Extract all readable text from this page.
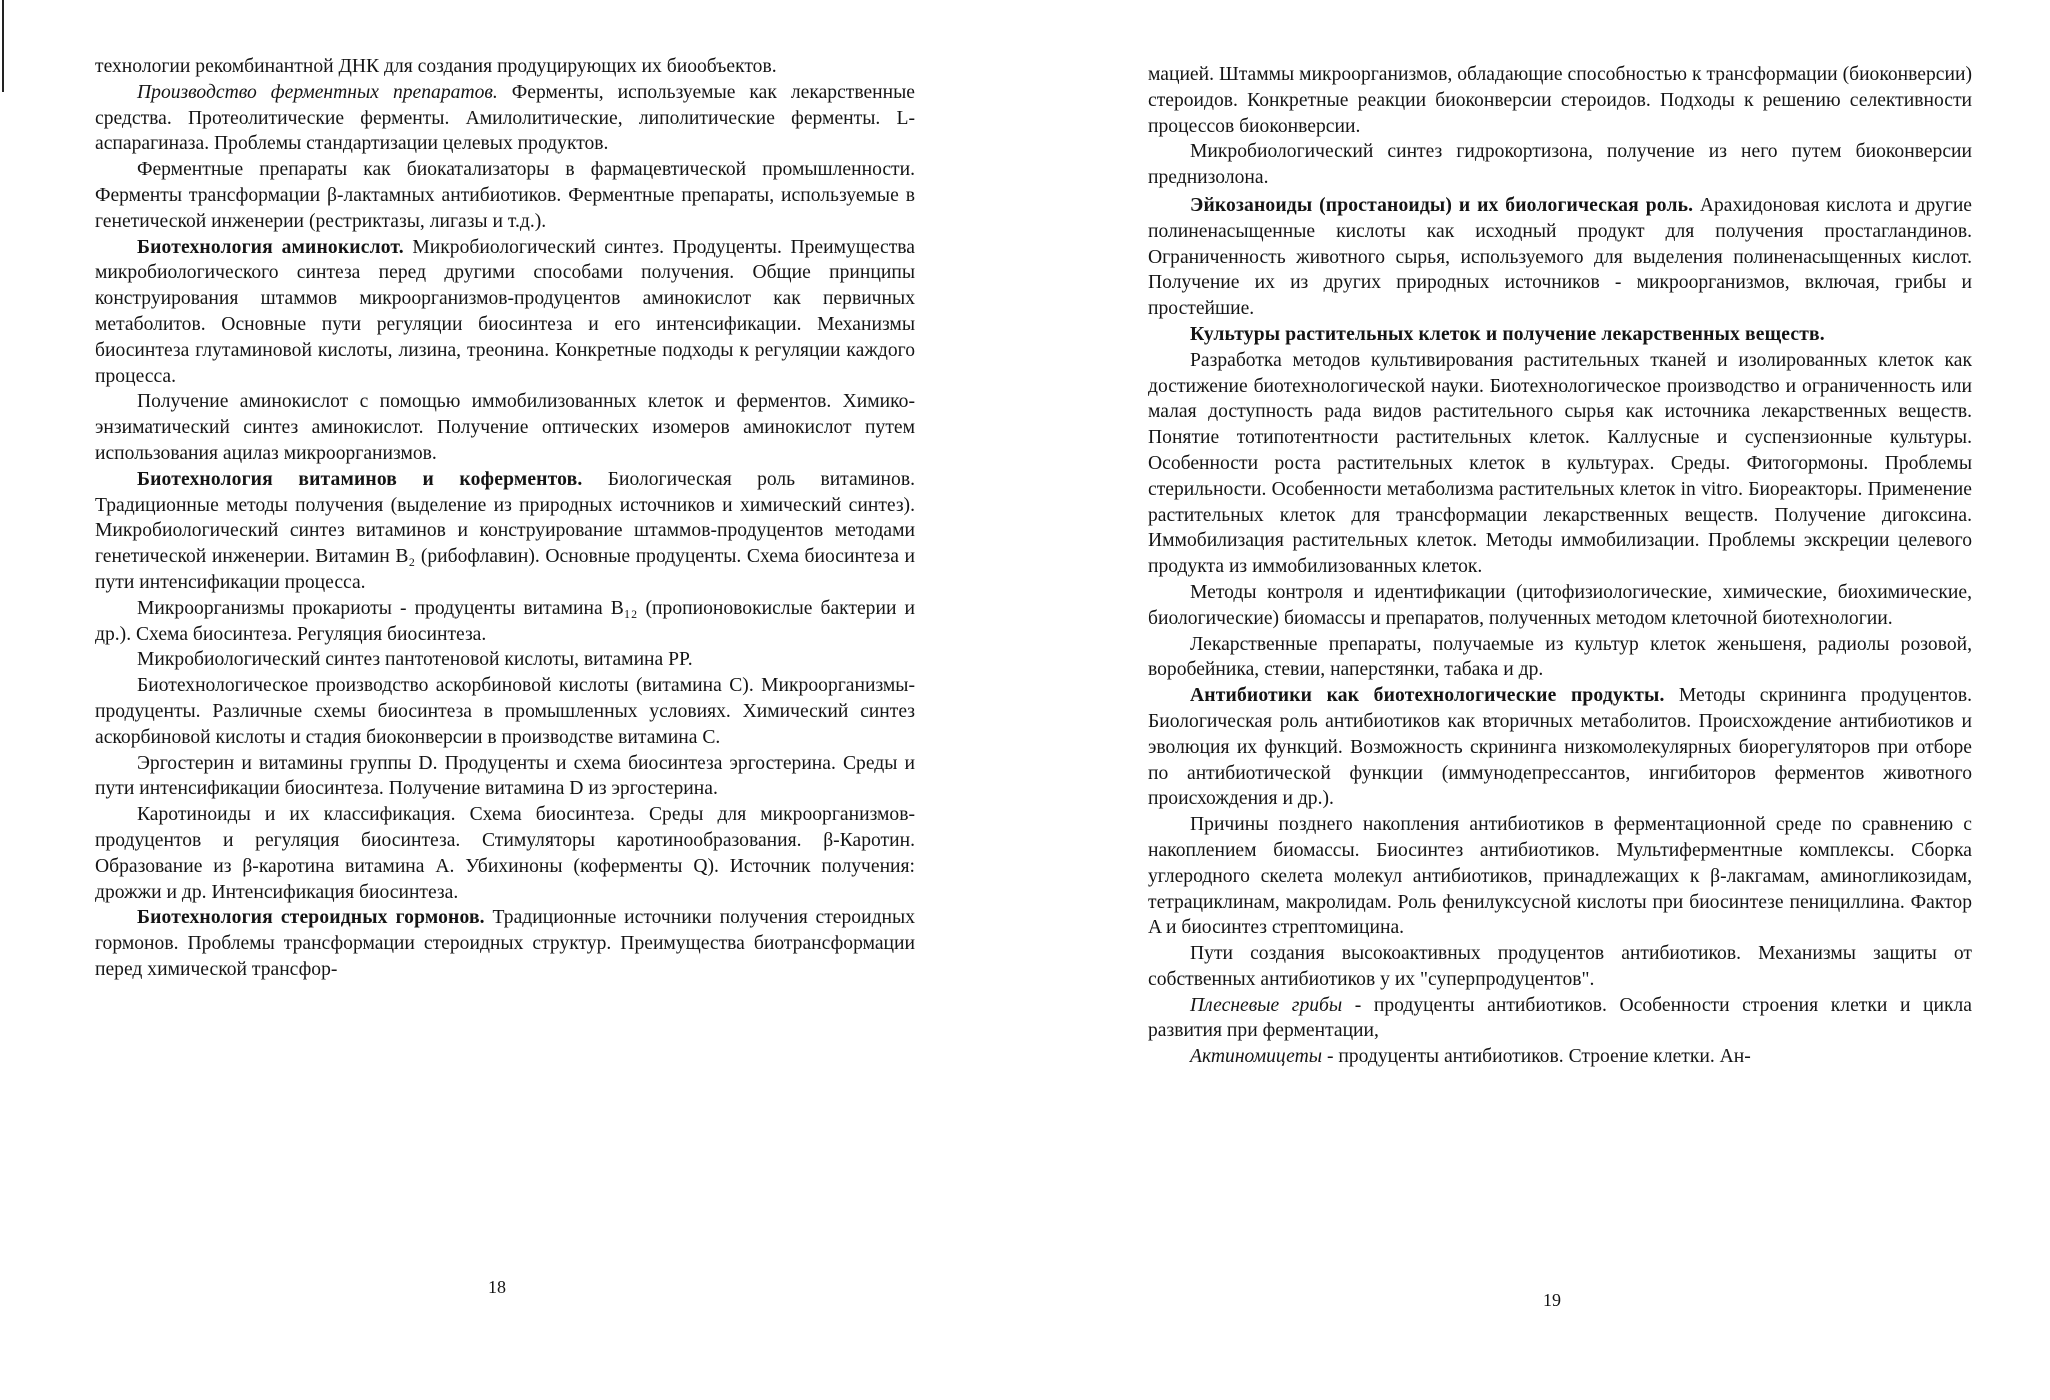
технологии рекомбинантной ДНК для создания продуцирующих их биообъектов.

Производство ферментных препаратов. Ферменты, используемые как лекарственные средства. Протеолитические ферменты. Амилолитические, липолитические ферменты. L-аспарагиназа. Проблемы стандартизации целевых продуктов.

Ферментные препараты как биокатализаторы в фармацевтической промышленности. Ферменты трансформации β-лактамных антибиотиков. Ферментные препараты, используемые в генетической инженерии (рестриктазы, лигазы и т.д.).

Биотехнология аминокислот. Микробиологический синтез. Продуценты. Преимущества микробиологического синтеза перед другими способами получения. Общие принципы конструирования штаммов микроорганизмов-продуцентов аминокислот как первичных метаболитов. Основные пути регуляции биосинтеза и его интенсификации. Механизмы биосинтеза глутаминовой кислоты, лизина, треонина. Конкретные подходы к регуляции каждого процесса.

Получение аминокислот с помощью иммобилизованных клеток и ферментов. Химико-энзиматический синтез аминокислот. Получение оптических изомеров аминокислот путем использования ацилаз микроорганизмов.

Биотехнология витаминов и коферментов. Биологическая роль витаминов. Традиционные методы получения (выделение из природных источников и химический синтез). Микробиологический синтез витаминов и конструирование штаммов-продуцентов методами генетической инженерии. Витамин B₂ (рибофлавин). Основные продуценты. Схема биосинтеза и пути интенсификации процесса.

Микроорганизмы прокариоты - продуценты витамина B₁₂ (пропионовокислые бактерии и др.). Схема биосинтеза. Регуляция биосинтеза.

Микробиологический синтез пантотеновой кислоты, витамина PP.

Биотехнологическое производство аскорбиновой кислоты (витамина C). Микроорганизмы-продуценты. Различные схемы биосинтеза в промышленных условиях. Химический синтез аскорбиновой кислоты и стадия биоконверсии в производстве витамина C.

Эргостерин и витамины группы D. Продуценты и схема биосинтеза эргостерина. Среды и пути интенсификации биосинтеза. Получение витамина D из эргостерина.

Каротиноиды и их классификация. Схема биосинтеза. Среды для микроорганизмов-продуцентов и регуляция биосинтеза. Стимуляторы каротинообразования. β-Каротин. Образование из β-каротина витамина A. Убихиноны (коферменты Q). Источник получения: дрожжи и др. Интенсификация биосинтеза.

Биотехнология стероидных гормонов. Традиционные источники получения стероидных гормонов. Проблемы трансформации стероидных структур. Преимущества биотрансформации перед химической трансфор-

18

мацией. Штаммы микроорганизмов, обладающие способностью к трансформации (биоконверсии) стероидов. Конкретные реакции биоконверсии стероидов. Подходы к решению селективности процессов биоконверсии.

Микробиологический синтез гидрокортизона, получение из него путем биоконверсии преднизолона.

Эйкозаноиды (простаноиды) и их биологическая роль. Арахидоновая кислота и другие полиненасыщенные кислоты как исходный продукт для получения простагландинов. Ограниченность животного сырья, используемого для выделения полиненасыщенных кислот. Получение их из других природных источников - микроорганизмов, включая, грибы и простейшие.

Культуры растительных клеток и получение лекарственных веществ.

Разработка методов культивирования растительных тканей и изолированных клеток как достижение биотехнологической науки. Биотехнологическое производство и ограниченность или малая доступность рада видов растительного сырья как источника лекарственных веществ. Понятие тотипотентности растительных клеток. Каллусные и суспензионные культуры. Особенности роста растительных клеток в культурах. Среды. Фитогормоны. Проблемы стерильности. Особенности метаболизма растительных клеток in vitro. Биореакторы. Применение растительных клеток для трансформации лекарственных веществ. Получение дигоксина. Иммобилизация растительных клеток. Методы иммобилизации. Проблемы экскреции целевого продукта из иммобилизованных клеток.

Методы контроля и идентификации (цитофизиологические, химические, биохимические, биологические) биомассы и препаратов, полученных методом клеточной биотехнологии.

Лекарственные препараты, получаемые из культур клеток женьшеня, радиолы розовой, воробейника, стевии, наперстянки, табака и др.

Антибиотики как биотехнологические продукты. Методы скрининга продуцентов. Биологическая роль антибиотиков как вторичных метаболитов. Происхождение антибиотиков и эволюция их функций. Возможность скрининга низкомолекулярных биорегуляторов при отборе по антибиотической функции (иммунодепрессантов, ингибиторов ферментов животного происхождения и др.).

Причины позднего накопления антибиотиков в ферментационной среде по сравнению с накоплением биомассы. Биосинтез антибиотиков. Мультиферментные комплексы. Сборка углеродного скелета молекул антибиотиков, принадлежащих к β-лакгамам, аминогликозидам, тетрациклинам, макролидам. Роль фенилуксусной кислоты при биосинтезе пенициллина. Фактор A и биосинтез стрептомицина.

Пути создания высокоактивных продуцентов антибиотиков. Механизмы защиты от собственных антибиотиков у их "суперпродуцентов".

Плесневые грибы - продуценты антибиотиков. Особенности строения клетки и цикла развития при ферментации,

Актиномицеты - продуценты антибиотиков. Строение клетки. Ан-

19
